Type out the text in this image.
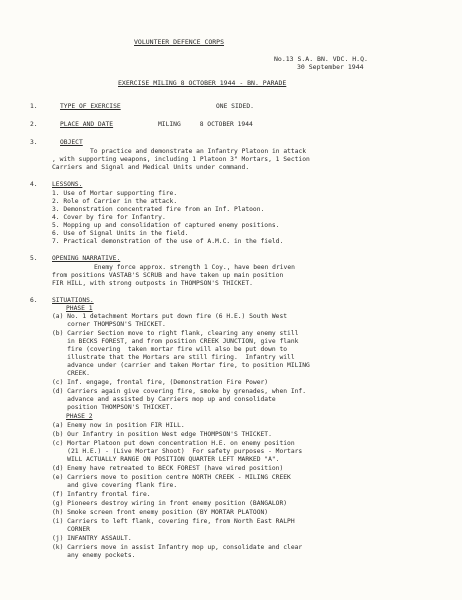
VOLUNTEER DEFENCE CORPS
No.13 S.A. BN. VDC. H.Q.
30 September 1944
EXERCISE MILING 8 OCTOBER 1944 - BN. PARADE
1.	TYPE OF EXERCISE	ONE SIDED.
2.	PLACE AND DATE	MILING     8 OCTOBER 1944
3.	OBJECT
To practice and demonstrate an Infantry Platoon in attack
, with supporting weapons, including 1 Platoon 3" Mortars, 1 Section
Carriers and Signal and Medical Units under command.
4. LESSONS.
1. Use of Mortar supporting fire.
2. Role of Carrier in the attack.
3. Demonstration concentrated fire from an Inf. Platoon.
4. Cover by fire for Infantry.
5. Mopping up and consolidation of captured enemy positions.
6. Use of Signal Units in the field.
7. Practical demonstration of the use of A.M.C. in the field.
5. OPENING NARRATIVE.
Enemy force approx. strength 1 Coy., have been driven
from positions VASTAB'S SCRUB and have taken up main position
FIR HILL, with strong outposts in THOMPSON'S THICKET.
6. SITUATIONS.
PHASE 1
(a) No. 1 detachment Mortars put down fire (6 H.E.) South West
corner THOMPSON'S THICKET.
(b) Carrier Section move to right flank, clearing any enemy still
in BECKS FOREST, and from position CREEK JUNCTION, give flank
fire (covering  taken mortar fire will also be put down to
illustrate that the Mortars are still firing.  Infantry will
advance under (carrier and taken Mortar fire, to position MILING
CREEK.
(c) Inf. engage, frontal fire, (Demonstration Fire Power)
(d) Carriers again give covering fire, smoke by grenades, when Inf.
advance and assisted by Carriers mop up and consolidate
position THOMPSON'S THICKET.
PHASE 2
(a) Enemy now in position FIR HILL.
(b) Our Infantry in position West edge THOMPSON'S THICKET.
(c) Mortar Platoon put down concentration H.E. on enemy position
(21 H.E.) - (Live Mortar Shoot)  For safety purposes - Mortars
WILL ACTUALLY RANGE ON POSITION QUARTER LEFT MARKED "A".
(d) Enemy have retreated to BECK FOREST (have wired position)
(e) Carriers move to position centre NORTH CREEK - MILING CREEK
and give covering flank fire.
(f) Infantry frontal fire.
(g) Pioneers destroy wiring in front enemy position (BANGALOR)
(h) Smoke screen front enemy position (BY MORTAR PLATOON)
(i) Carriers to left flank, covering fire, from North East RALPH
CORNER
(j) INFANTRY ASSAULT.
(k) Carriers move in assist Infantry mop up, consolidate and clear
any enemy pockets.
